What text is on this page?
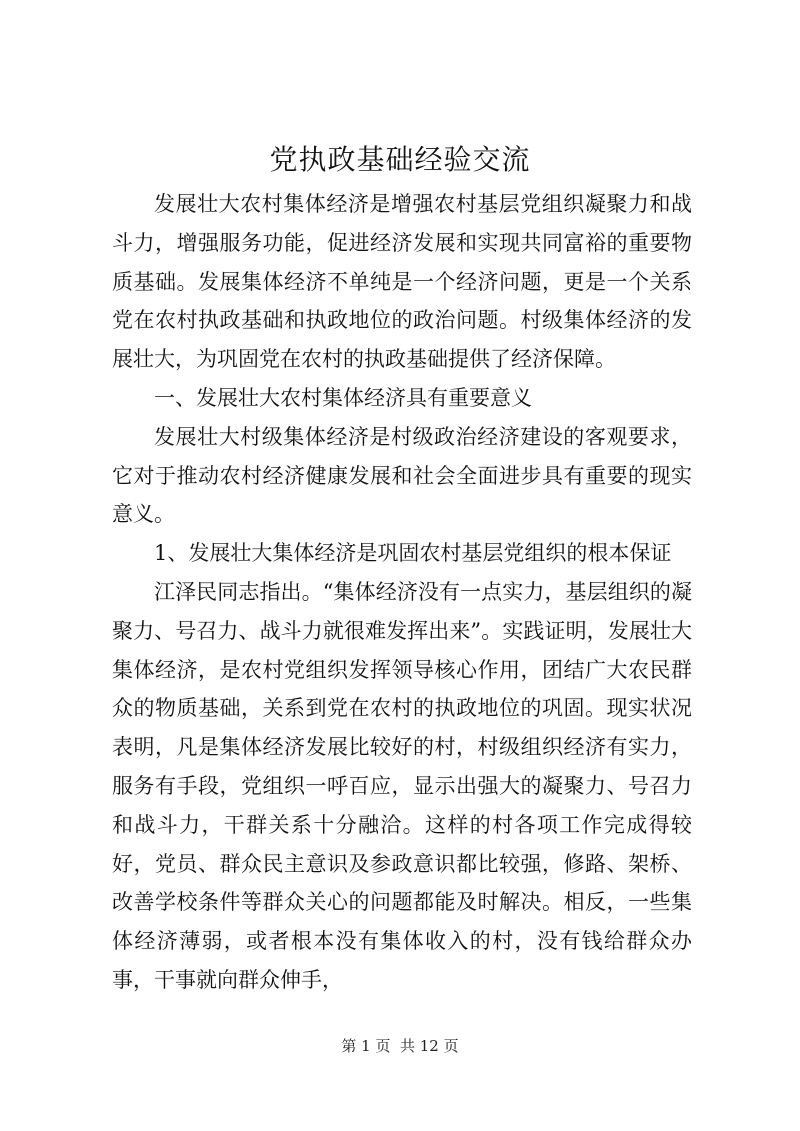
党执政基础经验交流

发展壮大农村集体经济是增强农村基层党组织凝聚力和战斗力，增强服务功能，促进经济发展和实现共同富裕的重要物质基础。发展集体经济不单纯是一个经济问题，更是一个关系党在农村执政基础和执政地位的政治问题。村级集体经济的发展壮大，为巩固党在农村的执政基础提供了经济保障。

一、发展壮大农村集体经济具有重要意义

发展壮大村级集体经济是村级政治经济建设的客观要求，它对于推动农村经济健康发展和社会全面进步具有重要的现实意义。

1、发展壮大集体经济是巩固农村基层党组织的根本保证

江泽民同志指出。“集体经济没有一点实力，基层组织的凝聚力、号召力、战斗力就很难发挥出来”。实践证明，发展壮大集体经济，是农村党组织发挥领导核心作用，团结广大农民群众的物质基础，关系到党在农村的执政地位的巩固。现实状况表明，凡是集体经济发展比较好的村，村级组织经济有实力，服务有手段，党组织一呼百应，显示出强大的凝聚力、号召力和战斗力，干群关系十分融洽。这样的村各项工作完成得较好，党员、群众民主意识及参政意识都比较强，修路、架桥、改善学校条件等群众关心的问题都能及时解决。相反，一些集体经济薄弱，或者根本没有集体收入的村，没有钱给群众办事，干事就向群众伸手，

第 1 页  共 12 页
